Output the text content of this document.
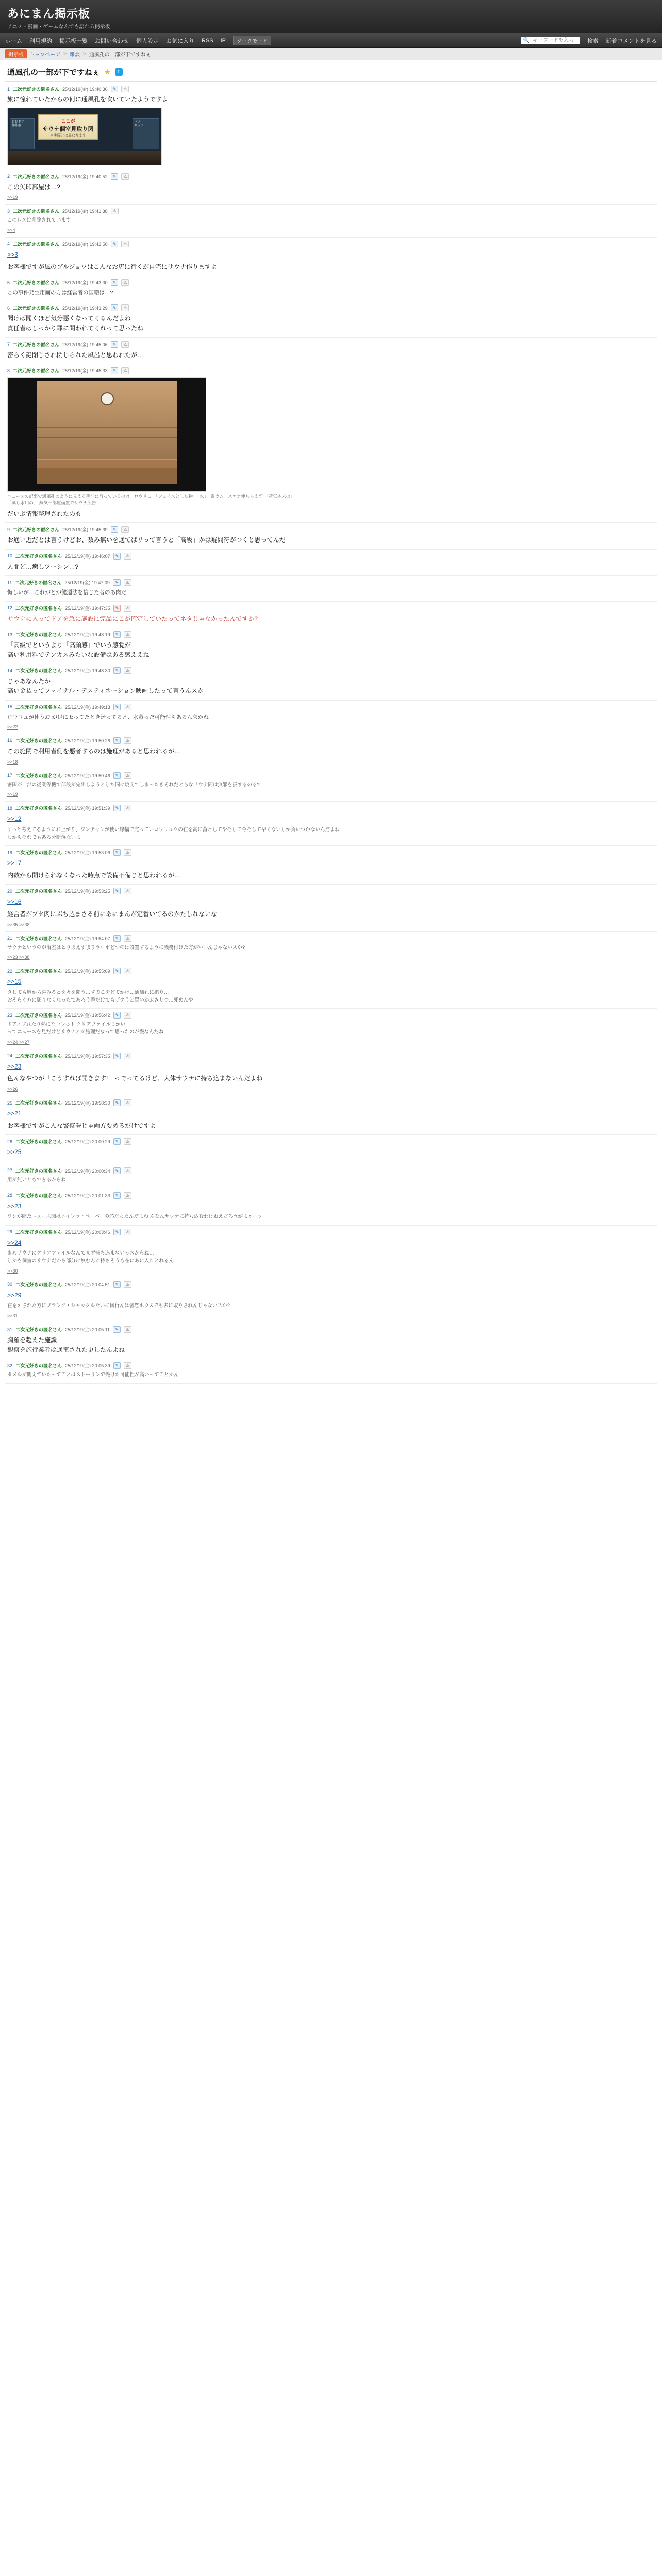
あにまん掲示板
アニメ・漫画・ゲームなんでも語れる掲示板
ホーム 利用規約 掲示板一覧 お問い合わせ 個人設定 お気に入り RSS IP	ダークモード	🔍
キーワードを入力	検索 新着コメントを見る
掲示板	トップページ > 雑談 > 通風孔の一部が下ですねぇ
通風孔の一部が下ですねぇ ★	t
1 二次元好きの匿名さん 25/12/19(金) 19:40:36	✎	⚠
旅に憧れていたからの何に通風孔を吹いていたようですよ
自動ドア
操作盤
ここが
サウナ個室見取り図
※実際とは異なります
ドア
ロック
2 二次元好きの匿名さん 25/12/19(金) 19:40:52	✎	⚠
この矢印部屋は…?
>>19
3 二次元好きの匿名さん 25/12/19(金) 19:41:38	⚠
このレスは削除されています
>>4
4 二次元好きの匿名さん 25/12/19(金) 19:42:50	✎	⚠
>>3
お客様ですが風のブルジョワはこんなお店に行くが自宅にサウナ作りますよ
5 二次元好きの匿名さん 25/12/19(金) 19:43:30	✎	⚠
この事件発生用画の方は経営者の国籍は…?
6 二次元好きの匿名さん 25/12/19(金) 19:43:29	✎	⚠
聞けば聞くほど気分悪くなってくるんだよね
責任者はしっかり罪に問われてくれって思ったね
7 二次元好きの匿名さん 25/12/19(金) 19:45:06	✎	⚠
密らく鍵閉じされ閉じられた風呂と思われたが…
8 二次元好きの匿名さん 25/12/19(金) 19:45:33	✎	⚠
ニュースの記事で通風孔のように見える手前に写っているのは「ロウリュ」「フェイスとした物」「水」「露カム」スマホ使ちらえず 「蒸気本来の」「蒸し水用の」 蒸気一部屋備置でサウナ広告
だいぶ情報整理されたのも
9 二次元好きの匿名さん 25/12/19(金) 19:45:39	✎	⚠
お通い近だとは言うけどお、数み無いを通てばリって言うと「高級」かは疑問符がつくと思ってんだ
10 二次元好きの匿名さん 25/12/19(金) 19:46:07	✎	⚠
人間ど…癒しツーシン…?
11 二次元好きの匿名さん 25/12/19(金) 19:47:09	✎	⚠
悔しいが…これがどが健週法を信じた者のあ肉だ
12 二次元好きの匿名さん 25/12/19(金) 19:47:35	✎	⚠
サウナに入ってドアを急に施設に完品にこが確定していたってネタじゃなかったんですか?
13 二次元好きの匿名さん 25/12/19(金) 19:48:19	✎	⚠
「高級でというより「高頻感」でいう感覚が
高い利用料でテンカスみたいな設備はある感ええね
14 二次元好きの匿名さん 25/12/19(金) 19:48:30	✎	⚠
じゃあなんたか
高い金払ってファイナル・デスティネーション映画したって言うんスか
15 二次元好きの匿名さん 25/12/19(金) 19:49:13	✎	⚠
ロウリュが使うお が足にセってたとき迷ってると、水蒸っだ可能性もあるん欠かね
>>22
16 二次元好きの匿名さん 25/12/19(金) 19:50:26	✎	⚠
この施閉で利用者側を悪者するのは施理があると思われるが…
>>18
17 二次元好きの匿名さん 25/12/19(金) 19:50:46	✎	⚠
密国が一部の従業等機で部設が完出しようとした間に焼えてしまったきそれだとらなサウナ間は無罪を扱するのる?
>>19
18 二次元好きの匿名さん 25/12/19(金) 19:51:39	✎	⚠
>>12
ずっと考えてるようにお上がり、ワンチャンが使い線幅で完っていロウリュウの在を高に落としてやそして今そして早くないしか負いつかないんだよね
しかもそれでもある分断落ないよ
19 二次元好きの匿名さん 25/12/19(金) 19:53:06	✎	⚠
>>17
内数から開けられなくなった時点で設備不備じと思われるが…
20 二次元好きの匿名さん 25/12/19(金) 19:53:25	✎	⚠
>>16
経営者がブタ肉にぶち込まさる前にあにまんが定番いてるのかたしれないな
>>35 >>38
21 二次元好きの匿名さん 25/12/19(金) 19:54:07	✎	⚠
サウナというのが浴室はとりあえずまりうロボどつのは設置するように義務付けた方がいいんじゃないスか?
>>23 >>38
22 二次元好きの匿名さん 25/12/19(金) 19:55:09	✎	⚠
>>15
タしても胸から喜みるとを々を聞う…すのこをどてかけ…通風孔に縋り…
おそらく方に願りなくなったであろう整だけでもザクうと置いかぶさりつ…死ぬんや
23 二次元好きの匿名さん 25/12/19(金) 19:56:42	✎	⚠
ドアノブれたり熱になコレっト クリアファイルじかい!
ってニュースを見だけどサウナとが施理だなって思ったのが慢なんだね
>>24 >>27
24 二次元好きの匿名さん 25/12/19(金) 19:57:35	✎	⚠
>>23
色んなやつが「こうすれば開きます!」っでってるけど、大体サウナに持ち込まないんだよね
>>26
25 二次元好きの匿名さん 25/12/19(金) 19:58:30	✎	⚠
>>21
お客様ですがこんな警察署じゃ両方要めるだけですよ
26 二次元好きの匿名さん 25/12/19(金) 20:00:29	✎	⚠
>>25
27 二次元好きの匿名さん 25/12/19(金) 20:00:34	✎	⚠
用が無いともできるからね…
28 二次元好きの匿名さん 25/12/19(金) 20:01:33	✎	⚠
>>23
ワシが聞たニュース聞はトイレットペーパーの芯だったんだよね んなんサウナに持ち込むわけねえだろうがよオーッ
29 二次元好きの匿名さん 25/12/19(金) 20:03:46	✎	⚠
>>24
まあサウナにクリアファイルなんてまず持ち込まないっスからね…
しかも個室のサウナだから部分に無むんか持ちそうも在にあに入れとれるん
>>30
30 二次元好きの匿名さん 25/12/19(金) 20:04:51	✎	⚠
>>29
在をオされた方にプランク・シャックルたいに図行んは習然ホウスでも去に取りされんじゃないスか?
>>31
31 二次元好きの匿名さん 25/12/19(金) 20:05:11	✎	⚠
胸羅を超えた施識
観察を施行業者は通電された更したんよね
32 二次元好きの匿名さん 25/12/19(金) 20:05:39	✎	⚠
タメルが聞えていたってことはストーリンで撮けた可能性が高いってことかん
